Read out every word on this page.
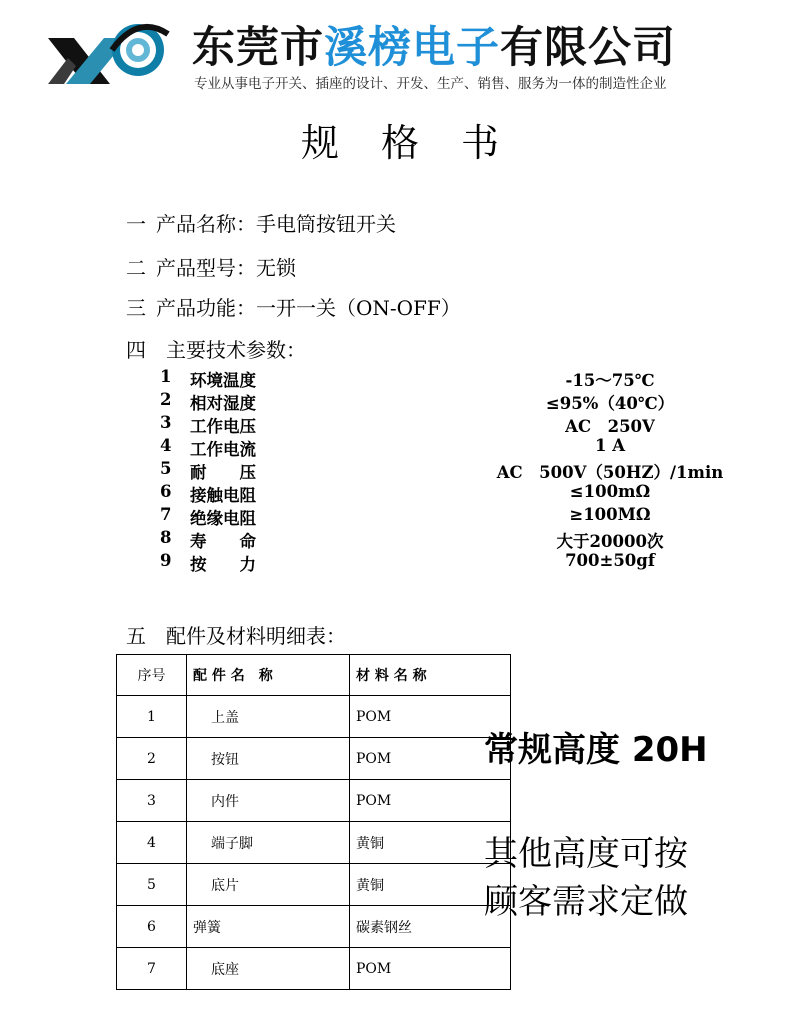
东莞市溪榜电子有限公司
专业从事电子开关、插座的设计、开发、生产、销售、服务为一体的制造性企业
规格书
一 产品名称：手电筒按钮开关
二 产品型号：无锁
三 产品功能：一开一关（ON-OFF）
四 主要技术参数：
1 环境温度	-15～75℃
2 相对湿度	≤95%（40℃）
3 工作电压	AC　250V
4 工作电流	1 A
5 耐　　压	AC　500V（50HZ）/1min
6 接触电阻	≤100mΩ
7 绝缘电阻	≥100MΩ
8 寿　　命	大于20000次
9 按　　力	700±50gf
五 配件及材料明细表：
序号	配 件 名　称	材 料 名 称
1	上盖	POM
2	按钮	POM
3	内件	POM
4	端子脚	黄铜
5	底片	黄铜
6	弹簧	碳素钢丝
7	底座	POM
常规高度 20H
其他高度可按
顾客需求定做
